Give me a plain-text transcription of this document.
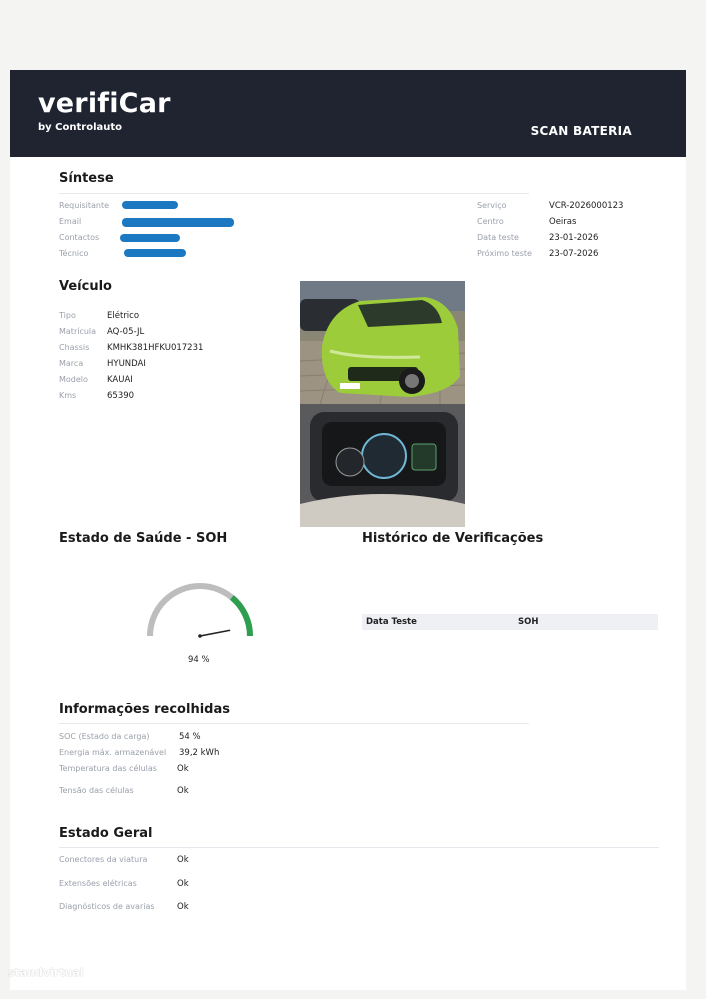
verifiCar
by Controlauto	SCAN BATERIA
Síntese
Requisitante
Email
Contactos
Técnico
Serviço
Centro
Data teste
Próximo teste
VCR-2026000123
Oeiras
23-01-2026
23-07-2026
Veículo
Tipo
Matrícula
Chassis
Marca
Modelo
Kms
Elétrico
AQ-05-JL
KMHK381HFKU017231
HYUNDAI
KAUAI
65390
Estado de Saúde - SOH
94 %
Histórico de Verificações
Data Teste	SOH
Informações recolhidas
SOC (Estado da carga)
Energia máx. armazenável
Temperatura das células
Tensão das células
54 %
39,2 kWh
Ok
Ok
Estado Geral
Conectores da viatura
Extensões elétricas
Diagnósticos de avarias
Ok
Ok
Ok
standvirtual
